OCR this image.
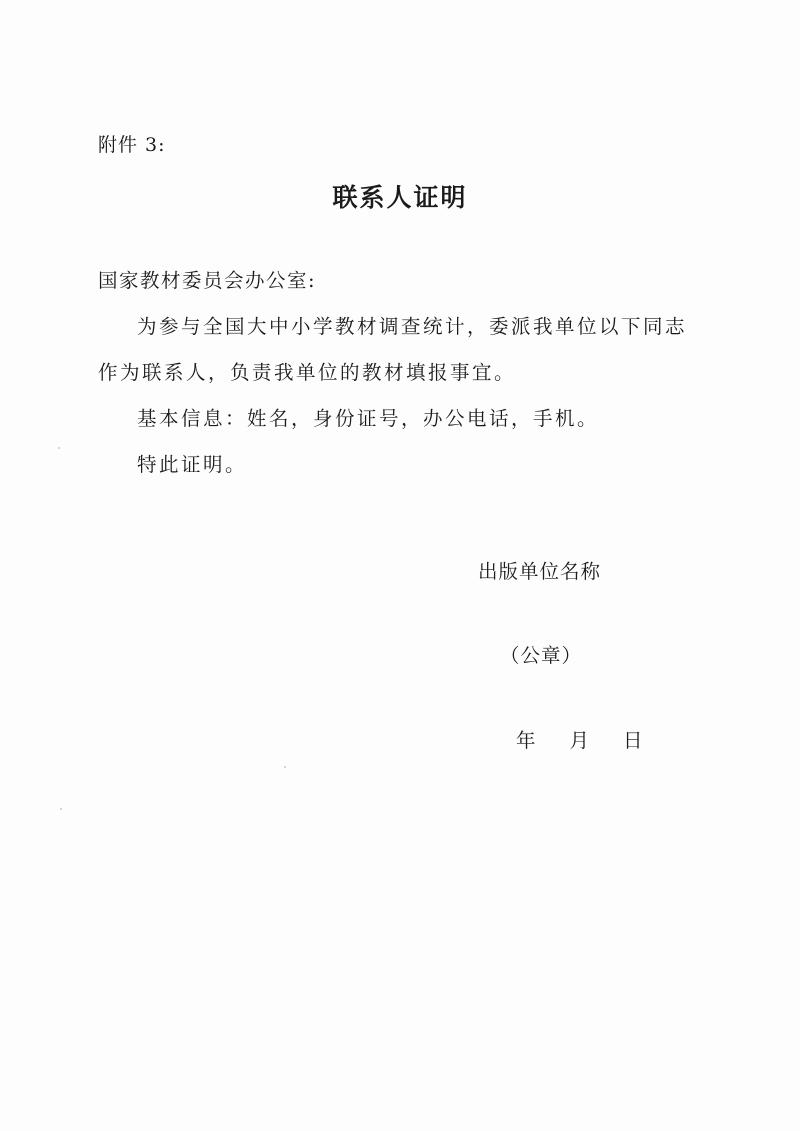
附件 3:
联系人证明

国家教材委员会办公室:

为参与全国大中小学教材调查统计，委派我单位以下同志作为联系人，负责我单位的教材填报事宜。

基本信息：姓名，身份证号，办公电话，手机。

特此证明。

出版单位名称
（公章）
年 月 日
